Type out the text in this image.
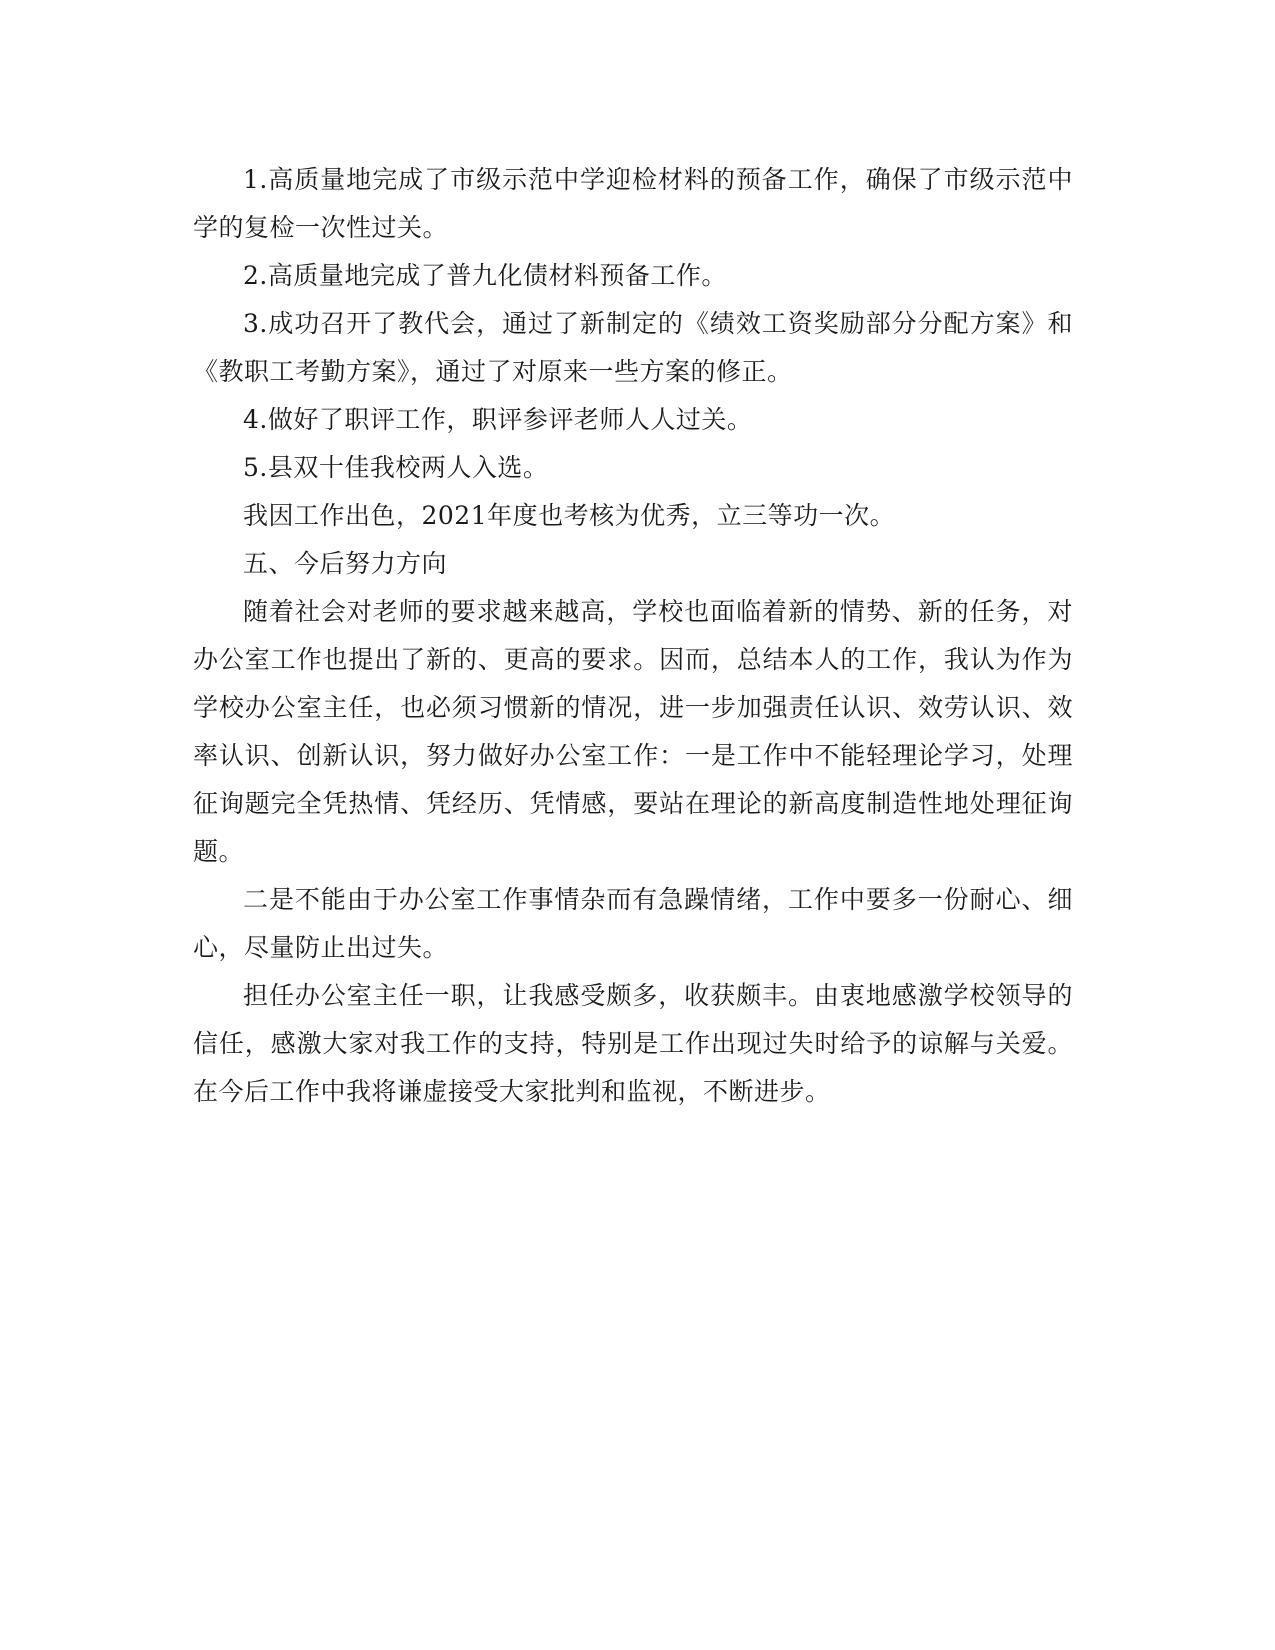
1.高质量地完成了市级示范中学迎检材料的预备工作，确保了市级示范中学的复检一次性过关。

2.高质量地完成了普九化债材料预备工作。

3.成功召开了教代会，通过了新制定的《绩效工资奖励部分分配方案》和《教职工考勤方案》，通过了对原来一些方案的修正。

4.做好了职评工作，职评参评老师人人过关。

5.县双十佳我校两人入选。

我因工作出色，2021年度也考核为优秀，立三等功一次。

五、今后努力方向

随着社会对老师的要求越来越高，学校也面临着新的情势、新的任务，对办公室工作也提出了新的、更高的要求。因而，总结本人的工作，我认为作为学校办公室主任，也必须习惯新的情况，进一步加强责任认识、效劳认识、效率认识、创新认识，努力做好办公室工作：一是工作中不能轻理论学习，处理征询题完全凭热情、凭经历、凭情感，要站在理论的新高度制造性地处理征询题。

二是不能由于办公室工作事情杂而有急躁情绪，工作中要多一份耐心、细心，尽量防止出过失。

担任办公室主任一职，让我感受颇多，收获颇丰。由衷地感激学校领导的信任，感激大家对我工作的支持，特别是工作出现过失时给予的谅解与关爱。在今后工作中我将谦虚接受大家批判和监视，不断进步。
